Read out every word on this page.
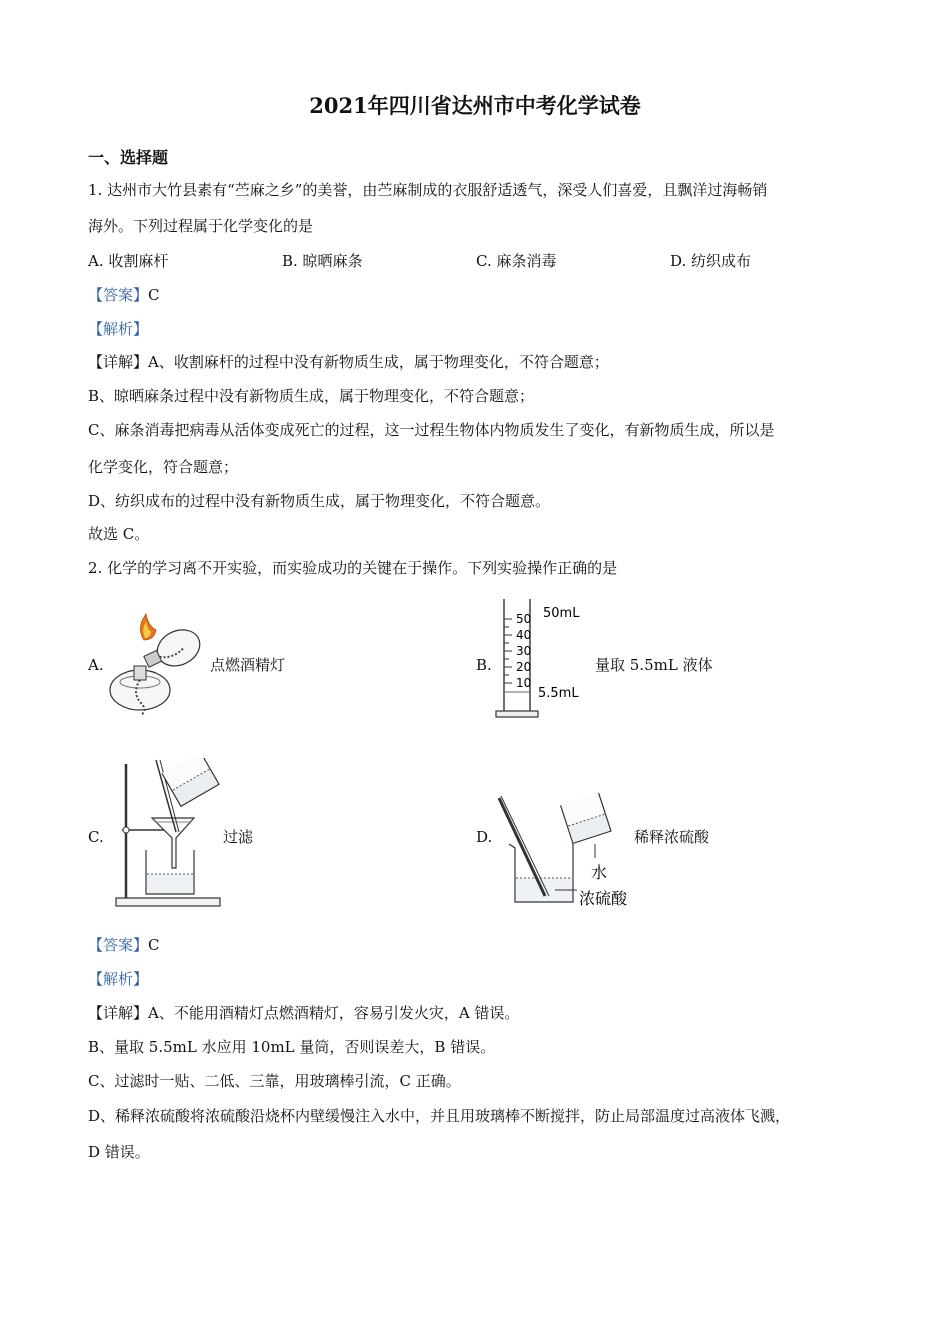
2021年四川省达州市中考化学试卷
一、选择题
1. 达州市大竹县素有“苎麻之乡”的美誉，由苎麻制成的衣服舒适透气，深受人们喜爱，且飘洋过海畅销
海外。下列过程属于化学变化的是
A. 收割麻杆	B. 晾晒麻条	C. 麻条消毒	D. 纺织成布
【答案】C
【解析】
【详解】A、收割麻杆的过程中没有新物质生成，属于物理变化，不符合题意；
B、晾晒麻条过程中没有新物质生成，属于物理变化，不符合题意；
C、麻条消毒把病毒从活体变成死亡的过程，这一过程生物体内物质发生了变化，有新物质生成，所以是
化学变化，符合题意；
D、纺织成布的过程中没有新物质生成，属于物理变化，不符合题意。
故选 C。
2. 化学的学习离不开实验，而实验成功的关键在于操作。下列实验操作正确的是
A.	点燃酒精灯	B.
50
40
30
20
10
50mL
5.5mL
量取 5.5mL 液体
C.	过滤	D.
水
浓硫酸
稀释浓硫酸
【答案】C
【解析】
【详解】A、不能用酒精灯点燃酒精灯，容易引发火灾，A 错误。
B、量取 5.5mL 水应用 10mL 量筒，否则误差大，B 错误。
C、过滤时一贴、二低、三靠，用玻璃棒引流，C 正确。
D、稀释浓硫酸将浓硫酸沿烧杯内壁缓慢注入水中，并且用玻璃棒不断搅拌，防止局部温度过高液体飞溅，
D 错误。
